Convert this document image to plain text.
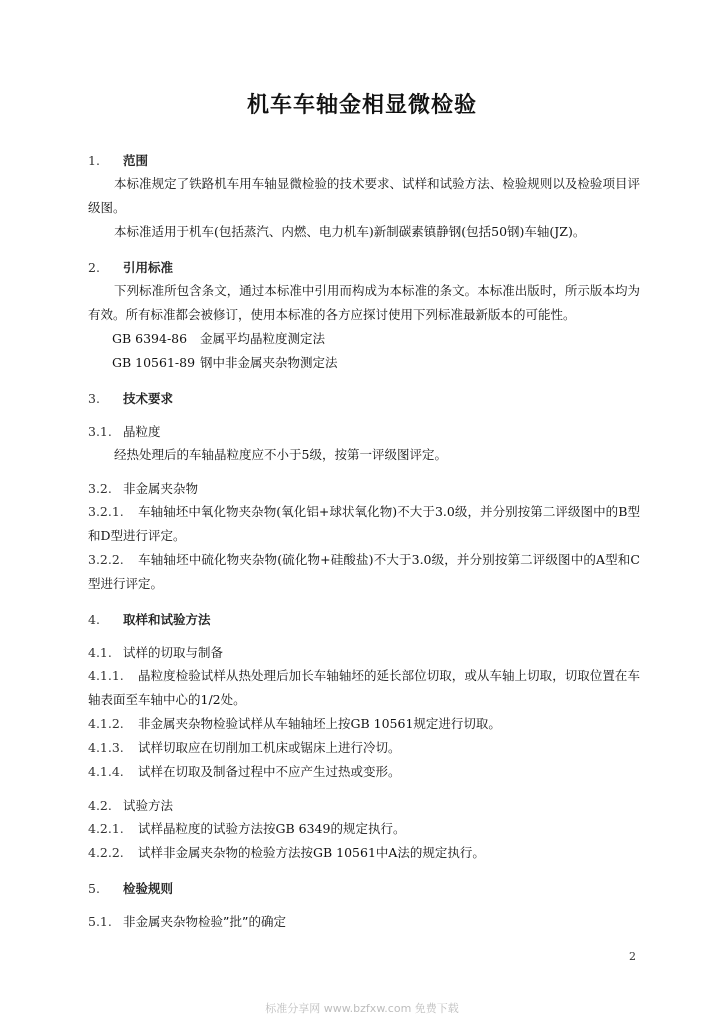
机车车轴金相显微检验

1. 范围

本标准规定了铁路机车用车轴显微检验的技术要求、试样和试验方法、检验规则以及检验项目评级图。

本标准适用于机车(包括蒸汽、内燃、电力机车)新制碳素镇静钢(包括50钢)车轴(JZ)。

2. 引用标准

下列标准所包含条文，通过本标准中引用而构成为本标准的条文。本标准出版时，所示版本均为有效。所有标准都会被修订，使用本标准的各方应探讨使用下列标准最新版本的可能性。

GB 6394-86 金属平均晶粒度测定法

GB 10561-89 钢中非金属夹杂物测定法

3. 技术要求

3.1. 晶粒度

经热处理后的车轴晶粒度应不小于5级，按第一评级图评定。

3.2. 非金属夹杂物

3.2.1. 车轴轴坯中氧化物夹杂物(氧化铝+球状氧化物)不大于3.0级，并分别按第二评级图中的B型和D型进行评定。

3.2.2. 车轴轴坯中硫化物夹杂物(硫化物+硅酸盐)不大于3.0级，并分别按第二评级图中的A型和C型进行评定。

4. 取样和试验方法

4.1. 试样的切取与制备

4.1.1. 晶粒度检验试样从热处理后加长车轴轴坯的延长部位切取，或从车轴上切取，切取位置在车轴表面至车轴中心的1/2处。

4.1.2. 非金属夹杂物检验试样从车轴轴坯上按GB 10561规定进行切取。

4.1.3. 试样切取应在切削加工机床或锯床上进行冷切。

4.1.4. 试样在切取及制备过程中不应产生过热或变形。

4.2. 试验方法

4.2.1. 试样晶粒度的试验方法按GB 6349的规定执行。

4.2.2. 试样非金属夹杂物的检验方法按GB 10561中A法的规定执行。

5. 检验规则

5.1. 非金属夹杂物检验”批”的确定

2
标准分享网 www.bzfxw.com 免费下载
